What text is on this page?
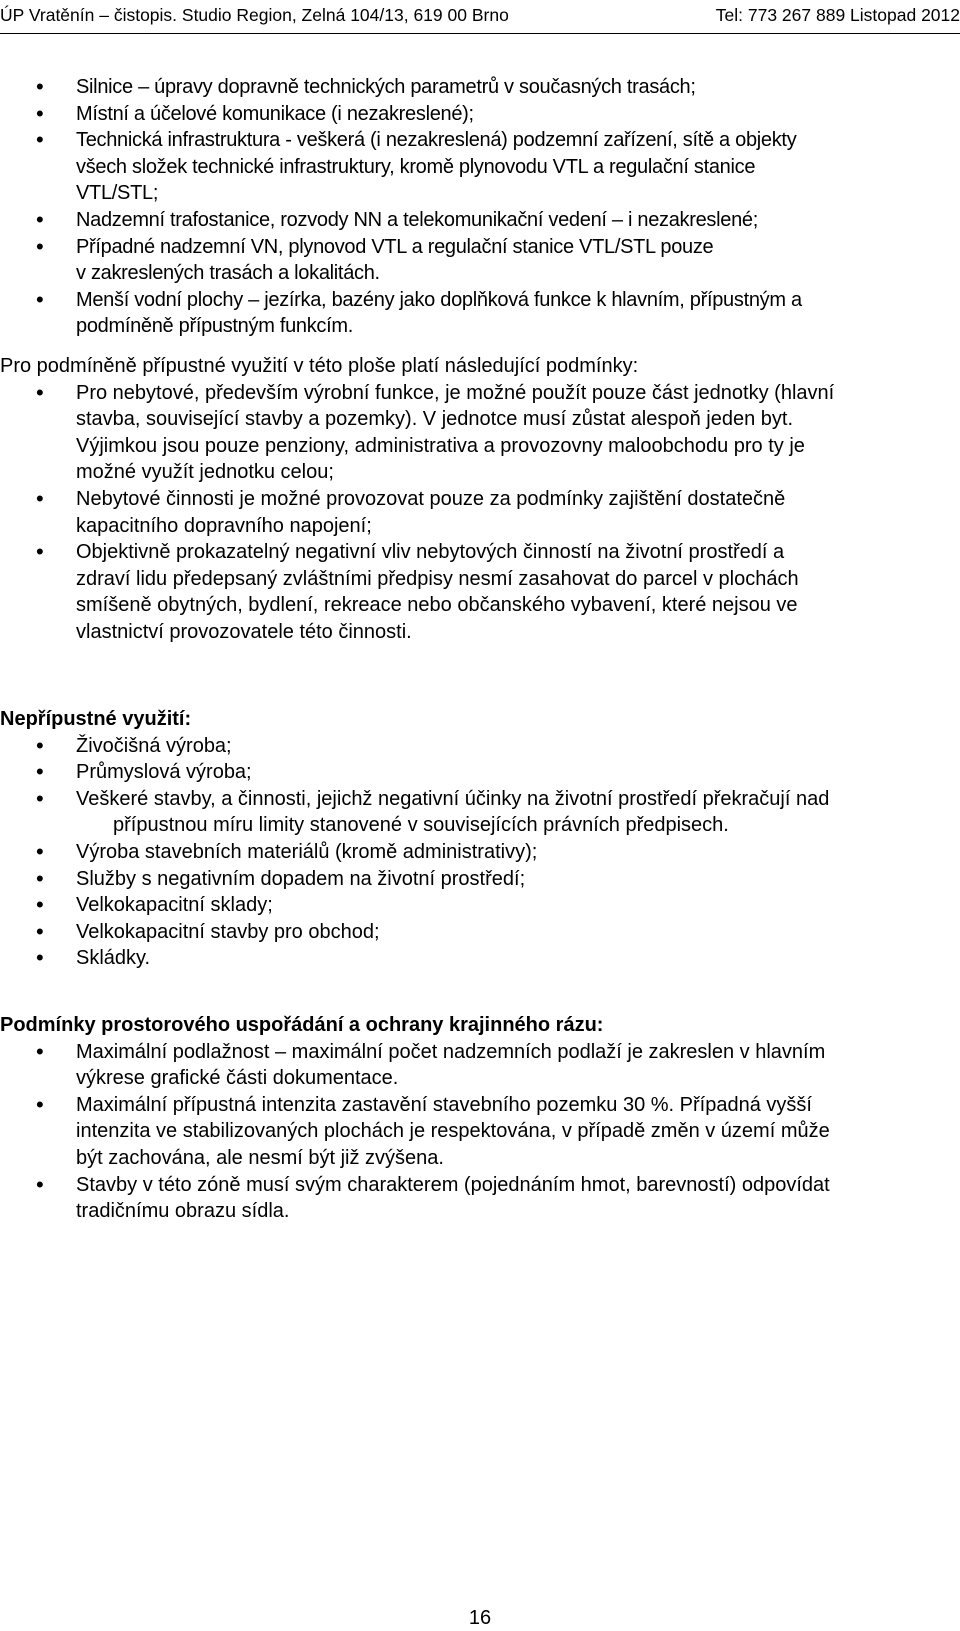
ÚP Vratěnín – čistopis. Studio Region, Zelná 104/13, 619 00 Brno	Tel: 773 267 889 Listopad 2012
• Silnice – úpravy dopravně technických parametrů v současných trasách;
• Místní a účelové komunikace (i nezakreslené);
• Technická infrastruktura - veškerá (i nezakreslená) podzemní zařízení, sítě a objekty
všech složek technické infrastruktury, kromě plynovodu VTL a regulační stanice
VTL/STL;
• Nadzemní trafostanice, rozvody NN a telekomunikační vedení – i nezakreslené;
• Případné nadzemní VN, plynovod VTL a regulační stanice VTL/STL pouze
v zakreslených trasách a lokalitách.
• Menší vodní plochy – jezírka, bazény jako doplňková funkce k hlavním, přípustným a
podmíněně přípustným funkcím.

Pro podmíněně přípustné využití v této ploše platí následující podmínky:

• Pro nebytové, především výrobní funkce, je možné použít pouze část jednotky (hlavní
stavba, související stavby a pozemky). V jednotce musí zůstat alespoň jeden byt.
Výjimkou jsou pouze penziony, administrativa a provozovny maloobchodu pro ty je
možné využít jednotku celou;
• Nebytové činnosti je možné provozovat pouze za podmínky zajištění dostatečně
kapacitního dopravního napojení;
• Objektivně prokazatelný negativní vliv nebytových činností na životní prostředí a
zdraví lidu předepsaný zvláštními předpisy nesmí zasahovat do parcel v plochách
smíšeně obytných, bydlení, rekreace nebo občanského vybavení, které nejsou ve
vlastnictví provozovatele této činnosti.

Nepřípustné využití:

• Živočišná výroba;
• Průmyslová výroba;
• Veškeré stavby, a činnosti, jejichž negativní účinky na životní prostředí překračují nad
přípustnou míru limity stanovené v souvisejících právních předpisech.
• Výroba stavebních materiálů (kromě administrativy);
• Služby s negativním dopadem na životní prostředí;
• Velkokapacitní sklady;
• Velkokapacitní stavby pro obchod;
• Skládky.

Podmínky prostorového uspořádání a ochrany krajinného rázu:

• Maximální podlažnost – maximální počet nadzemních podlaží je zakreslen v hlavním
výkrese grafické části dokumentace.
• Maximální přípustná intenzita zastavění stavebního pozemku 30 %. Případná vyšší
intenzita ve stabilizovaných plochách je respektována, v případě změn v území může
být zachována, ale nesmí být již zvýšena.
• Stavby v této zóně musí svým charakterem (pojednáním hmot, barevností) odpovídat
tradičnímu obrazu sídla.
16
